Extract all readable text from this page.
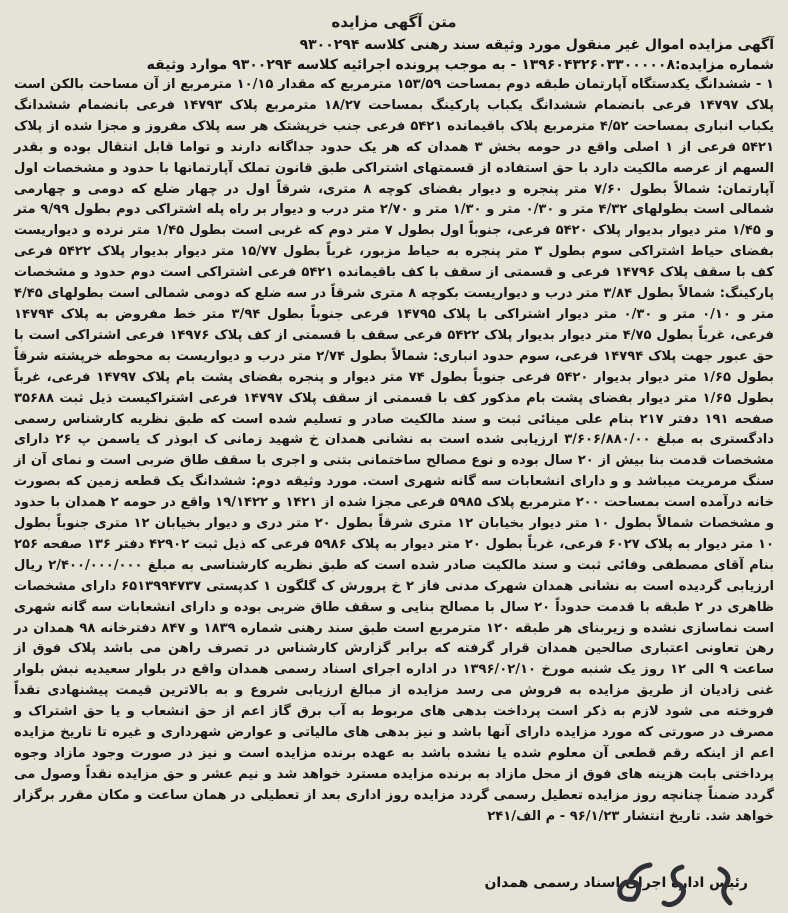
متن آگهی مزایده

آگهی مزایده اموال غیر منقول مورد وثیقه سند رهنی کلاسه ۹۳۰۰۲۹۴

شماره مزایده:۱۳۹۶۰۴۳۲۶۰۳۳۰۰۰۰۰۸ - به موجب پرونده اجرائیه کلاسه ۹۳۰۰۲۹۴ موارد وثیقه

۱ - ششدانگ یکدستگاه آپارتمان طبقه دوم بمساحت ۱۵۳/۵۹ مترمربع که مقدار ۱۰/۱۵ مترمربع از آن مساحت بالکن است پلاک ۱۴۷۹۷ فرعی بانضمام ششدانگ یکباب پارکینگ بمساحت ۱۸/۲۷ مترمربع پلاک ۱۴۷۹۳ فرعی بانضمام ششدانگ یکباب انباری بمساحت ۴/۵۲ مترمربع پلاک باقیمانده ۵۴۲۱ فرعی جنب خرپشتک هر سه پلاک مفروز و مجزا شده از پلاک ۵۴۲۱ فرعی از ۱ اصلی واقع در حومه بخش ۳ همدان که هر یک حدود جداگانه دارند و تواما قابل انتقال بوده و بقدر السهم از عرصه مالکیت دارد با حق استفاده از قسمتهای اشتراکی طبق قانون تملک آپارتمانها با حدود و مشخصات اول آپارتمان: شمالاً بطول ۷/۶۰ متر پنجره و دیوار بفضای کوچه ۸ متری، شرقاً اول در چهار ضلع که دومی و چهارمی شمالی است بطولهای ۴/۳۲ متر و ۰/۳۰ متر و ۱/۳۰ متر و ۲/۷۰ متر درب و دیوار بر راه پله اشتراکی دوم بطول ۹/۹۹ متر و ۱/۴۵ متر دیوار بدیوار پلاک ۵۴۲۰ فرعی، جنوباً اول بطول ۷ متر دوم که غربی است بطول ۱/۴۵ متر نرده و دیواریست بفضای حیاط اشتراکی سوم بطول ۳ متر پنجره به حیاط مزبور، غرباً بطول ۱۵/۷۷ متر دیوار بدیوار پلاک ۵۴۲۲ فرعی کف با سقف پلاک ۱۴۷۹۶ فرعی و قسمتی از سقف با کف باقیمانده ۵۴۲۱ فرعی اشتراکی است دوم حدود و مشخصات پارکینگ: شمالاً بطول ۳/۸۴ متر درب و دیواریست بکوچه ۸ متری شرقاً در سه ضلع که دومی شمالی است بطولهای ۴/۴۵ متر و ۰/۱۰ متر و ۰/۳۰ متر دیوار اشتراکی با پلاک ۱۴۷۹۵ فرعی جنوباً بطول ۳/۹۴ متر خط مفروض به پلاک ۱۴۷۹۴ فرعی، غرباً بطول ۴/۷۵ متر دیوار بدیوار پلاک ۵۴۲۲ فرعی سقف با قسمتی از کف پلاک ۱۴۹۷۶ فرعی اشتراکی است با حق عبور جهت پلاک ۱۴۷۹۴ فرعی، سوم حدود انباری: شمالاً بطول ۲/۷۴ متر درب و دیواریست به محوطه خرپشته شرقاً بطول ۱/۶۵ متر دیوار بدیوار ۵۴۲۰ فرعی جنوباً بطول ۷۴ متر دیوار و پنجره بفضای پشت بام پلاک ۱۴۷۹۷ فرعی، غرباً بطول ۱/۶۵ متر دیوار بفضای پشت بام مذکور کف با قسمتی از سقف پلاک ۱۴۷۹۷ فرعی اشتراکیست ذیل ثبت ۳۵۶۸۸ صفحه ۱۹۱ دفتر ۲۱۷ بنام علی مینائی ثبت و سند مالکیت صادر و تسلیم شده است که طبق نظریه کارشناس رسمی دادگستری به مبلغ ۳/۶۰۶/۸۸۰/۰۰ ارزیابی شده است به نشانی همدان خ شهید زمانی ک ابوذر ک یاسمن پ ۲۶ دارای مشخصات قدمت بنا بیش از ۲۰ سال بوده و نوع مصالح ساختمانی بتنی و اجری با سقف طاق ضربی است و نمای آن از سنگ مرمریت میباشد و و دارای انشعابات سه گانه شهری است. مورد وثیقه دوم: ششدانگ یک قطعه زمین که بصورت خانه درآمده است بمساحت ۲۰۰ مترمربع پلاک ۵۹۸۵ فرعی مجزا شده از ۱۴۲۱ و ۱۹/۱۴۲۲ واقع در حومه ۲ همدان با حدود و مشخصات شمالاً بطول ۱۰ متر دیوار بخیابان ۱۲ متری شرقاً بطول ۲۰ متر دری و دیوار بخیابان ۱۲ متری جنوباً بطول ۱۰ متر دیوار به پلاک ۶۰۲۷ فرعی، غرباً بطول ۲۰ متر دیوار به پلاک ۵۹۸۶ فرعی که ذیل ثبت ۴۲۹۰۲ دفتر ۱۳۶ صفحه ۲۵۶ بنام آقای مصطفی وفائی ثبت و سند مالکیت صادر شده است که طبق نظریه کارشناسی به مبلغ ۲/۴۰۰/۰۰۰/۰۰۰ ریال ارزیابی گردیده است به نشانی همدان شهرک مدنی فاز ۲ خ پرورش ک گلگون ۱ کدپستی ۶۵۱۳۹۹۴۷۳۷ دارای مشخصات ظاهری در ۲ طبقه با قدمت حدوداً ۲۰ سال با مصالح بنایی و سقف طاق ضربی بوده و دارای انشعابات سه گانه شهری است نماسازی نشده و زیربنای هر طبقه ۱۲۰ مترمربع است طبق سند رهنی شماره ۱۸۳۹ و ۸۴۷ دفترخانه ۹۸ همدان در رهن تعاونی اعتباری صالحین همدان قرار گرفته که برابر گزارش کارشناس در تصرف راهن می باشد پلاک فوق از ساعت ۹ الی ۱۲ روز یک شنبه مورخ ۱۳۹۶/۰۲/۱۰ در اداره اجرای اسناد رسمی همدان واقع در بلوار سعیدیه نبش بلوار غنی زادیان از طریق مزایده به فروش می رسد مزایده از مبالغ ارزیابی شروع و به بالاترین قیمت پیشنهادی نقداً فروخته می شود لازم به ذکر است پرداخت بدهی های مربوط به آب برق گاز اعم از حق انشعاب و یا حق اشتراک و مصرف در صورتی که مورد مزایده دارای آنها باشد و نیز بدهی های مالیاتی و عوارض شهرداری و غیره تا تاریخ مزایده اعم از اینکه رقم قطعی آن معلوم شده یا نشده باشد به عهده برنده مزایده است و نیز در صورت وجود مازاد وجوه پرداختی بابت هزینه های فوق از محل مازاد به برنده مزایده مسترد خواهد شد و نیم عشر و حق مزایده نقداً وصول می گردد ضمناً چنانچه روز مزایده تعطیل رسمی گردد مزایده روز اداری بعد از تعطیلی در همان ساعت و مکان مقرر برگزار خواهد شد. تاریخ انتشار ۹۶/۱/۲۳ - م الف/۲۴۱

رئیس اداره اجرای اسناد رسمی همدان
